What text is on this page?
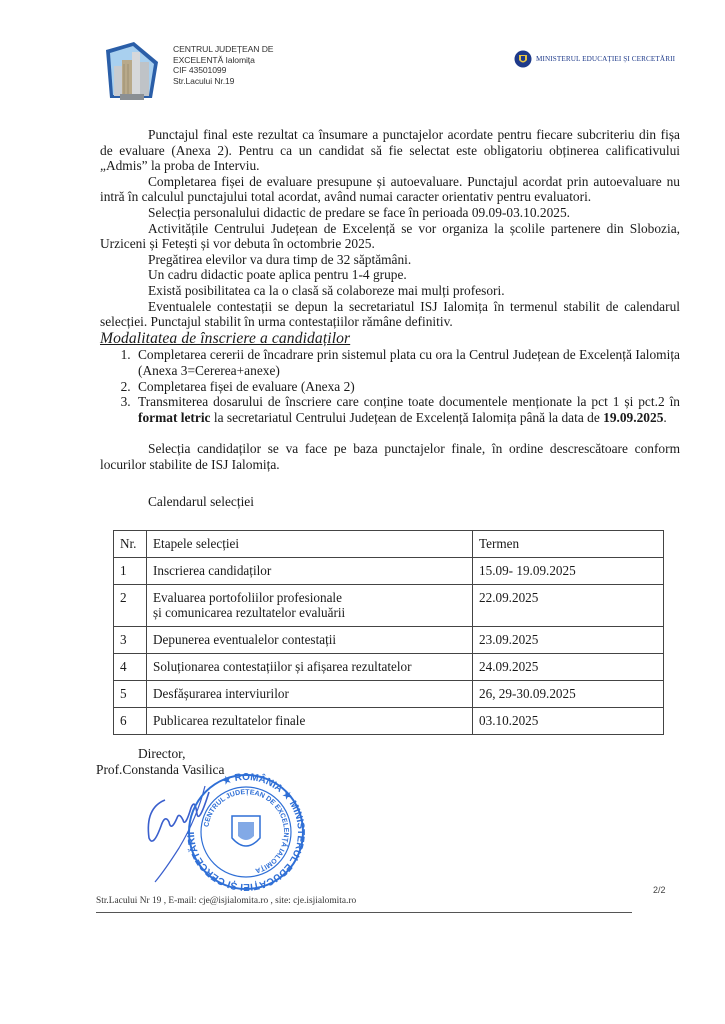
CENTRUL JUDEȚEAN DE
EXCELENTĂ Ialomița
CIF 43501099
Str.Lacului Nr.19
MINISTERUL EDUCAȚIEI ȘI CERCETĂRII

Punctajul final este rezultat ca însumare a punctajelor acordate pentru fiecare subcriteriu din fișa de evaluare (Anexa 2). Pentru ca un candidat să fie selectat este obligatoriu obținerea calificativului „Admis” la proba de Interviu.

Completarea fișei de evaluare presupune și autoevaluare. Punctajul acordat prin autoevaluare nu intră în calculul punctajului total acordat, având numai caracter orientativ pentru evaluatori.

Selecția personalului didactic de predare se face în perioada 09.09-03.10.2025.

Activitățile Centrului Județean de Excelență se vor organiza la școlile partenere din Slobozia, Urziceni și Fetești și vor debuta în octombrie 2025.

Pregătirea elevilor va dura timp de 32 săptămâni.

Un cadru didactic poate aplica pentru 1-4 grupe.

Există posibilitatea ca la o clasă să colaboreze mai mulți profesori.

Eventualele contestații se depun la secretariatul ISJ Ialomița în termenul stabilit de calendarul selecției. Punctajul stabilit în urma contestațiilor rămâne definitiv.

Modalitatea de înscriere a candidaților
1. Completarea cererii de încadrare prin sistemul plata cu ora la Centrul Județean de Excelență Ialomița (Anexa 3=Cererea+anexe)
2. Completarea fișei de evaluare (Anexa 2)
3. Transmiterea dosarului de înscriere care conține toate documentele menționate la pct 1 și pct.2 în format letric la secretariatul Centrului Județean de Excelență Ialomița până la data de 19.09.2025.

Selecția candidaților se va face pe baza punctajelor finale, în ordine descrescătoare conform locurilor stabilite de ISJ Ialomița.

Calendarul selecției
Nr.	Etapele selecției	Termen
1	Inscrierea candidaților	15.09- 19.09.2025
2	Evaluarea portofoliilor profesionale și comunicarea rezultatelor evaluării	22.09.2025
3	Depunerea eventualelor contestații	23.09.2025
4	Soluționarea contestațiilor și afișarea rezultatelor	24.09.2025
5	Desfășurarea interviurilor	26, 29-30.09.2025
6	Publicarea rezultatelor finale	03.10.2025
Director,
Prof.Constanda Vasilica
★ ROMÂNIA ★ MINISTERUL EDUCAȚIEI ȘI CERCETĂRII
CENTRUL JUDEȚEAN DE EXCELENȚĂ IALOMIȚA
2/2
Str.Lacului Nr 19 , E-mail: cje@isjialomita.ro , site: cje.isjialomita.ro
